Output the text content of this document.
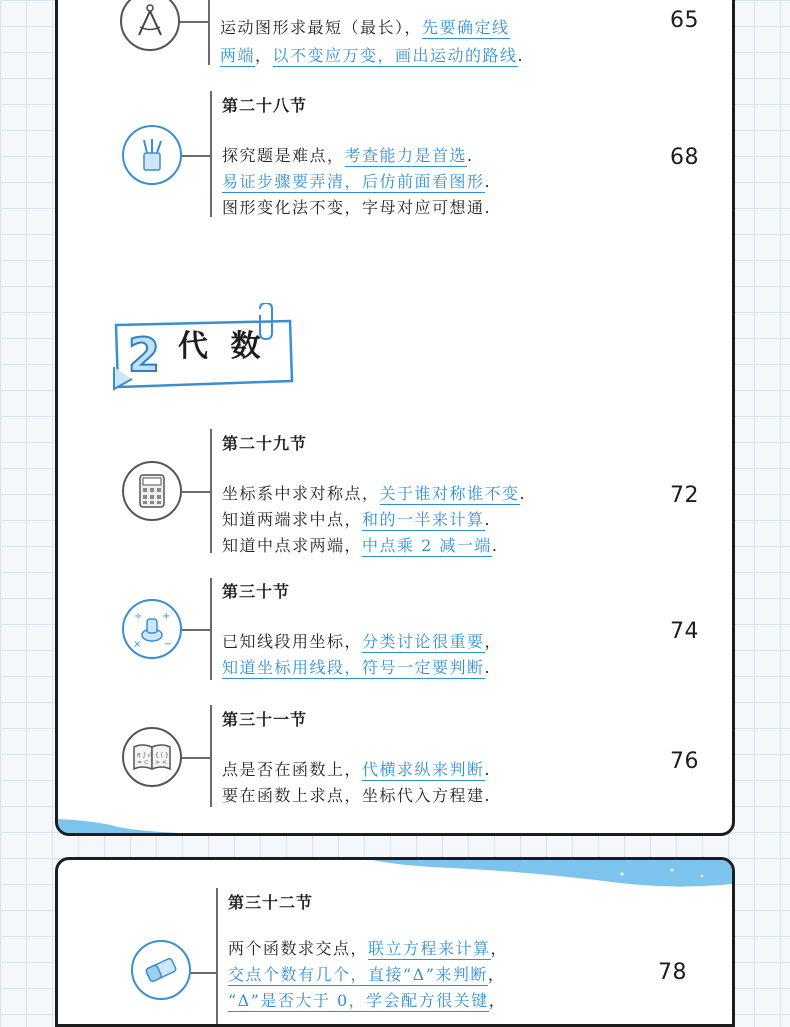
运动图形求最短（最长），先要确定线
两端，以不变应万变，画出运动的路线.
65
第二十八节
探究题是难点，考查能力是首选.
易证步骤要弄清，后仿前面看图形.
图形变化法不变，字母对应可想通.
68
2 代 数
第二十九节
坐标系中求对称点，关于谁对称谁不变.
知道两端求中点，和的一半来计算.
知道中点求两端，中点乘 2 减一端.
72
÷ +
× −
第三十节
已知线段用坐标，分类讨论很重要，
知道坐标用线段，符号一定要判断.
74
π ∫ √ { ( }
≈ ⊂ > <
第三十一节
点是否在函数上，代横求纵来判断.
要在函数上求点，坐标代入方程建.
76
第三十二节
两个函数求交点，联立方程来计算，
交点个数有几个，直接“Δ”来判断，
“Δ”是否大于 0，学会配方很关键，
78
